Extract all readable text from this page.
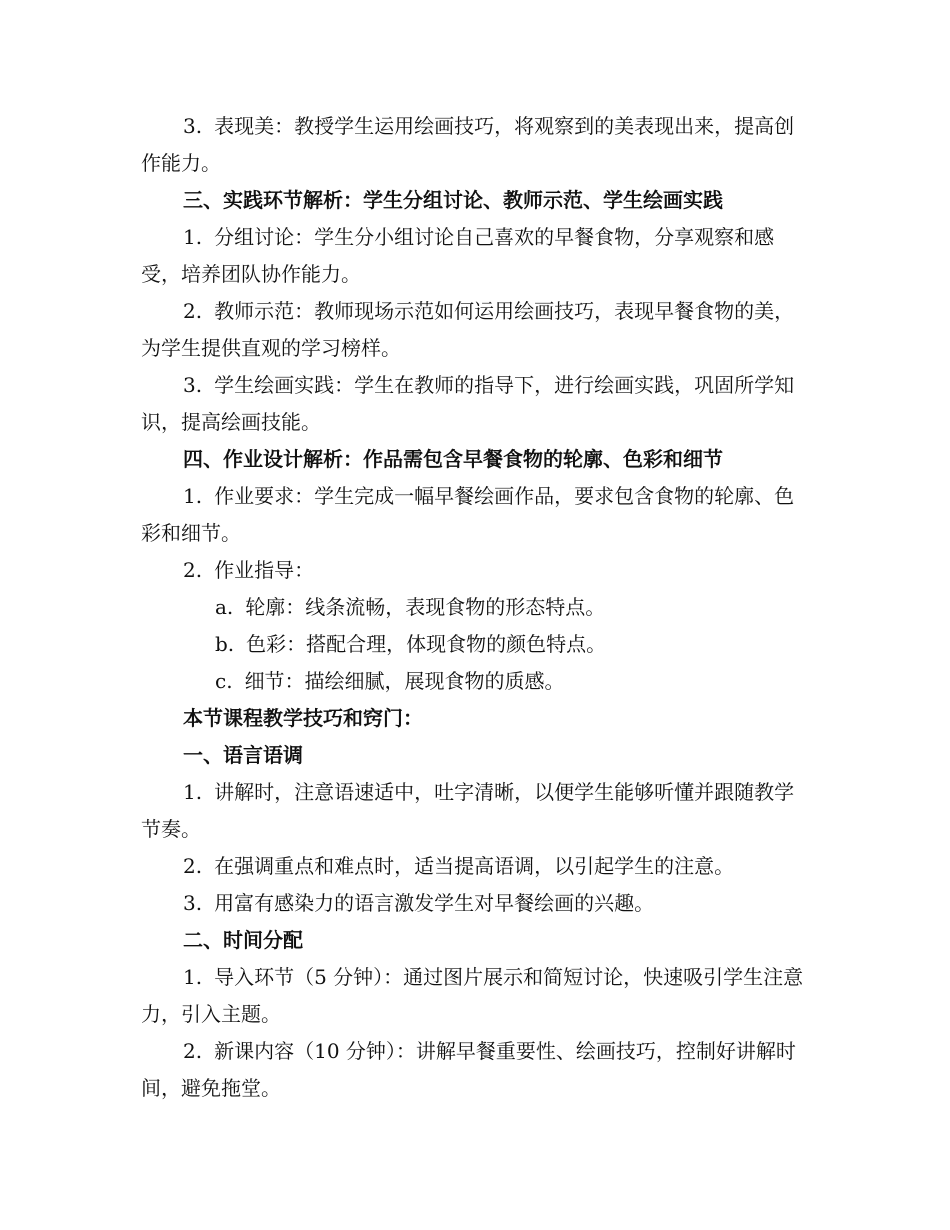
3. 表现美：教授学生运用绘画技巧，将观察到的美表现出来，提高创作能力。

三、实践环节解析：学生分组讨论、教师示范、学生绘画实践

1. 分组讨论：学生分小组讨论自己喜欢的早餐食物，分享观察和感受，培养团队协作能力。

2. 教师示范：教师现场示范如何运用绘画技巧，表现早餐食物的美，为学生提供直观的学习榜样。

3. 学生绘画实践：学生在教师的指导下，进行绘画实践，巩固所学知识，提高绘画技能。

四、作业设计解析：作品需包含早餐食物的轮廓、色彩和细节

1. 作业要求：学生完成一幅早餐绘画作品，要求包含食物的轮廓、色彩和细节。

2. 作业指导：

a. 轮廓：线条流畅，表现食物的形态特点。

b. 色彩：搭配合理，体现食物的颜色特点。

c. 细节：描绘细腻，展现食物的质感。

本节课程教学技巧和窍门：

一、语言语调

1. 讲解时，注意语速适中，吐字清晰，以便学生能够听懂并跟随教学节奏。

2. 在强调重点和难点时，适当提高语调，以引起学生的注意。

3. 用富有感染力的语言激发学生对早餐绘画的兴趣。

二、时间分配

1. 导入环节（5 分钟）：通过图片展示和简短讨论，快速吸引学生注意力，引入主题。

2. 新课内容（10 分钟）：讲解早餐重要性、绘画技巧，控制好讲解时间，避免拖堂。
